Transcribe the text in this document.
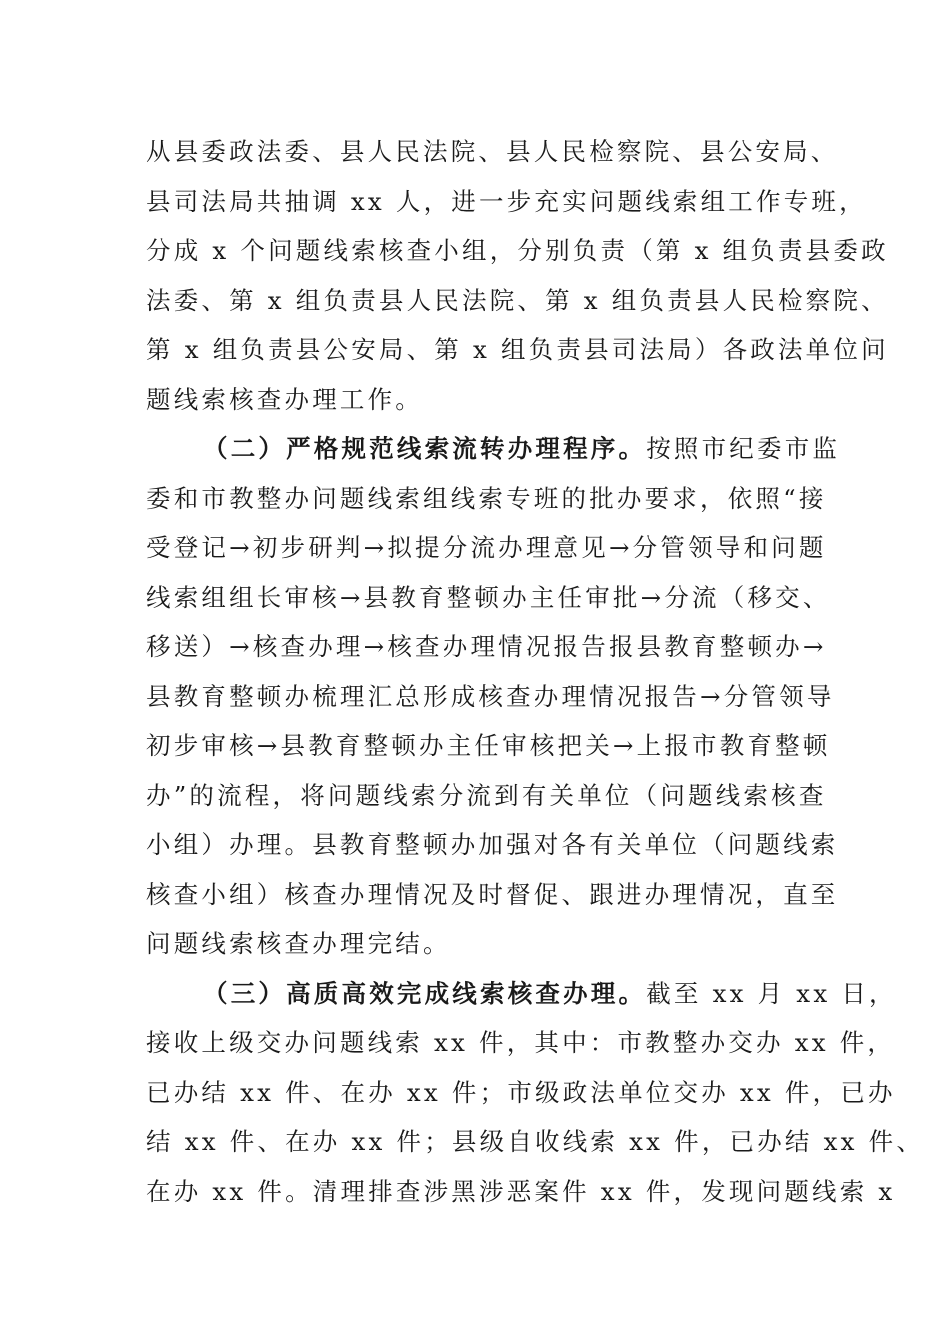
从县委政法委、县人民法院、县人民检察院、县公安局、
县司法局共抽调 xx 人，进一步充实问题线索组工作专班，
分成 x 个问题线索核查小组，分别负责（第 x 组负责县委政
法委、第 x 组负责县人民法院、第 x 组负责县人民检察院、
第 x 组负责县公安局、第 x 组负责县司法局）各政法单位问
题线索核查办理工作。
（二）严格规范线索流转办理程序。按照市纪委市监
委和市教整办问题线索组线索专班的批办要求，依照“接
受登记→初步研判→拟提分流办理意见→分管领导和问题
线索组组长审核→县教育整顿办主任审批→分流（移交、
移送）→核查办理→核查办理情况报告报县教育整顿办→
县教育整顿办梳理汇总形成核查办理情况报告→分管领导
初步审核→县教育整顿办主任审核把关→上报市教育整顿
办”的流程，将问题线索分流到有关单位（问题线索核查
小组）办理。县教育整顿办加强对各有关单位（问题线索
核查小组）核查办理情况及时督促、跟进办理情况，直至
问题线索核查办理完结。
（三）高质高效完成线索核查办理。截至 xx 月 xx 日，
接收上级交办问题线索 xx 件，其中：市教整办交办 xx 件，
已办结 xx 件、在办 xx 件；市级政法单位交办 xx 件，已办
结 xx 件、在办 xx 件；县级自收线索 xx 件，已办结 xx 件、
在办 xx 件。清理排查涉黑涉恶案件 xx 件，发现问题线索 x
